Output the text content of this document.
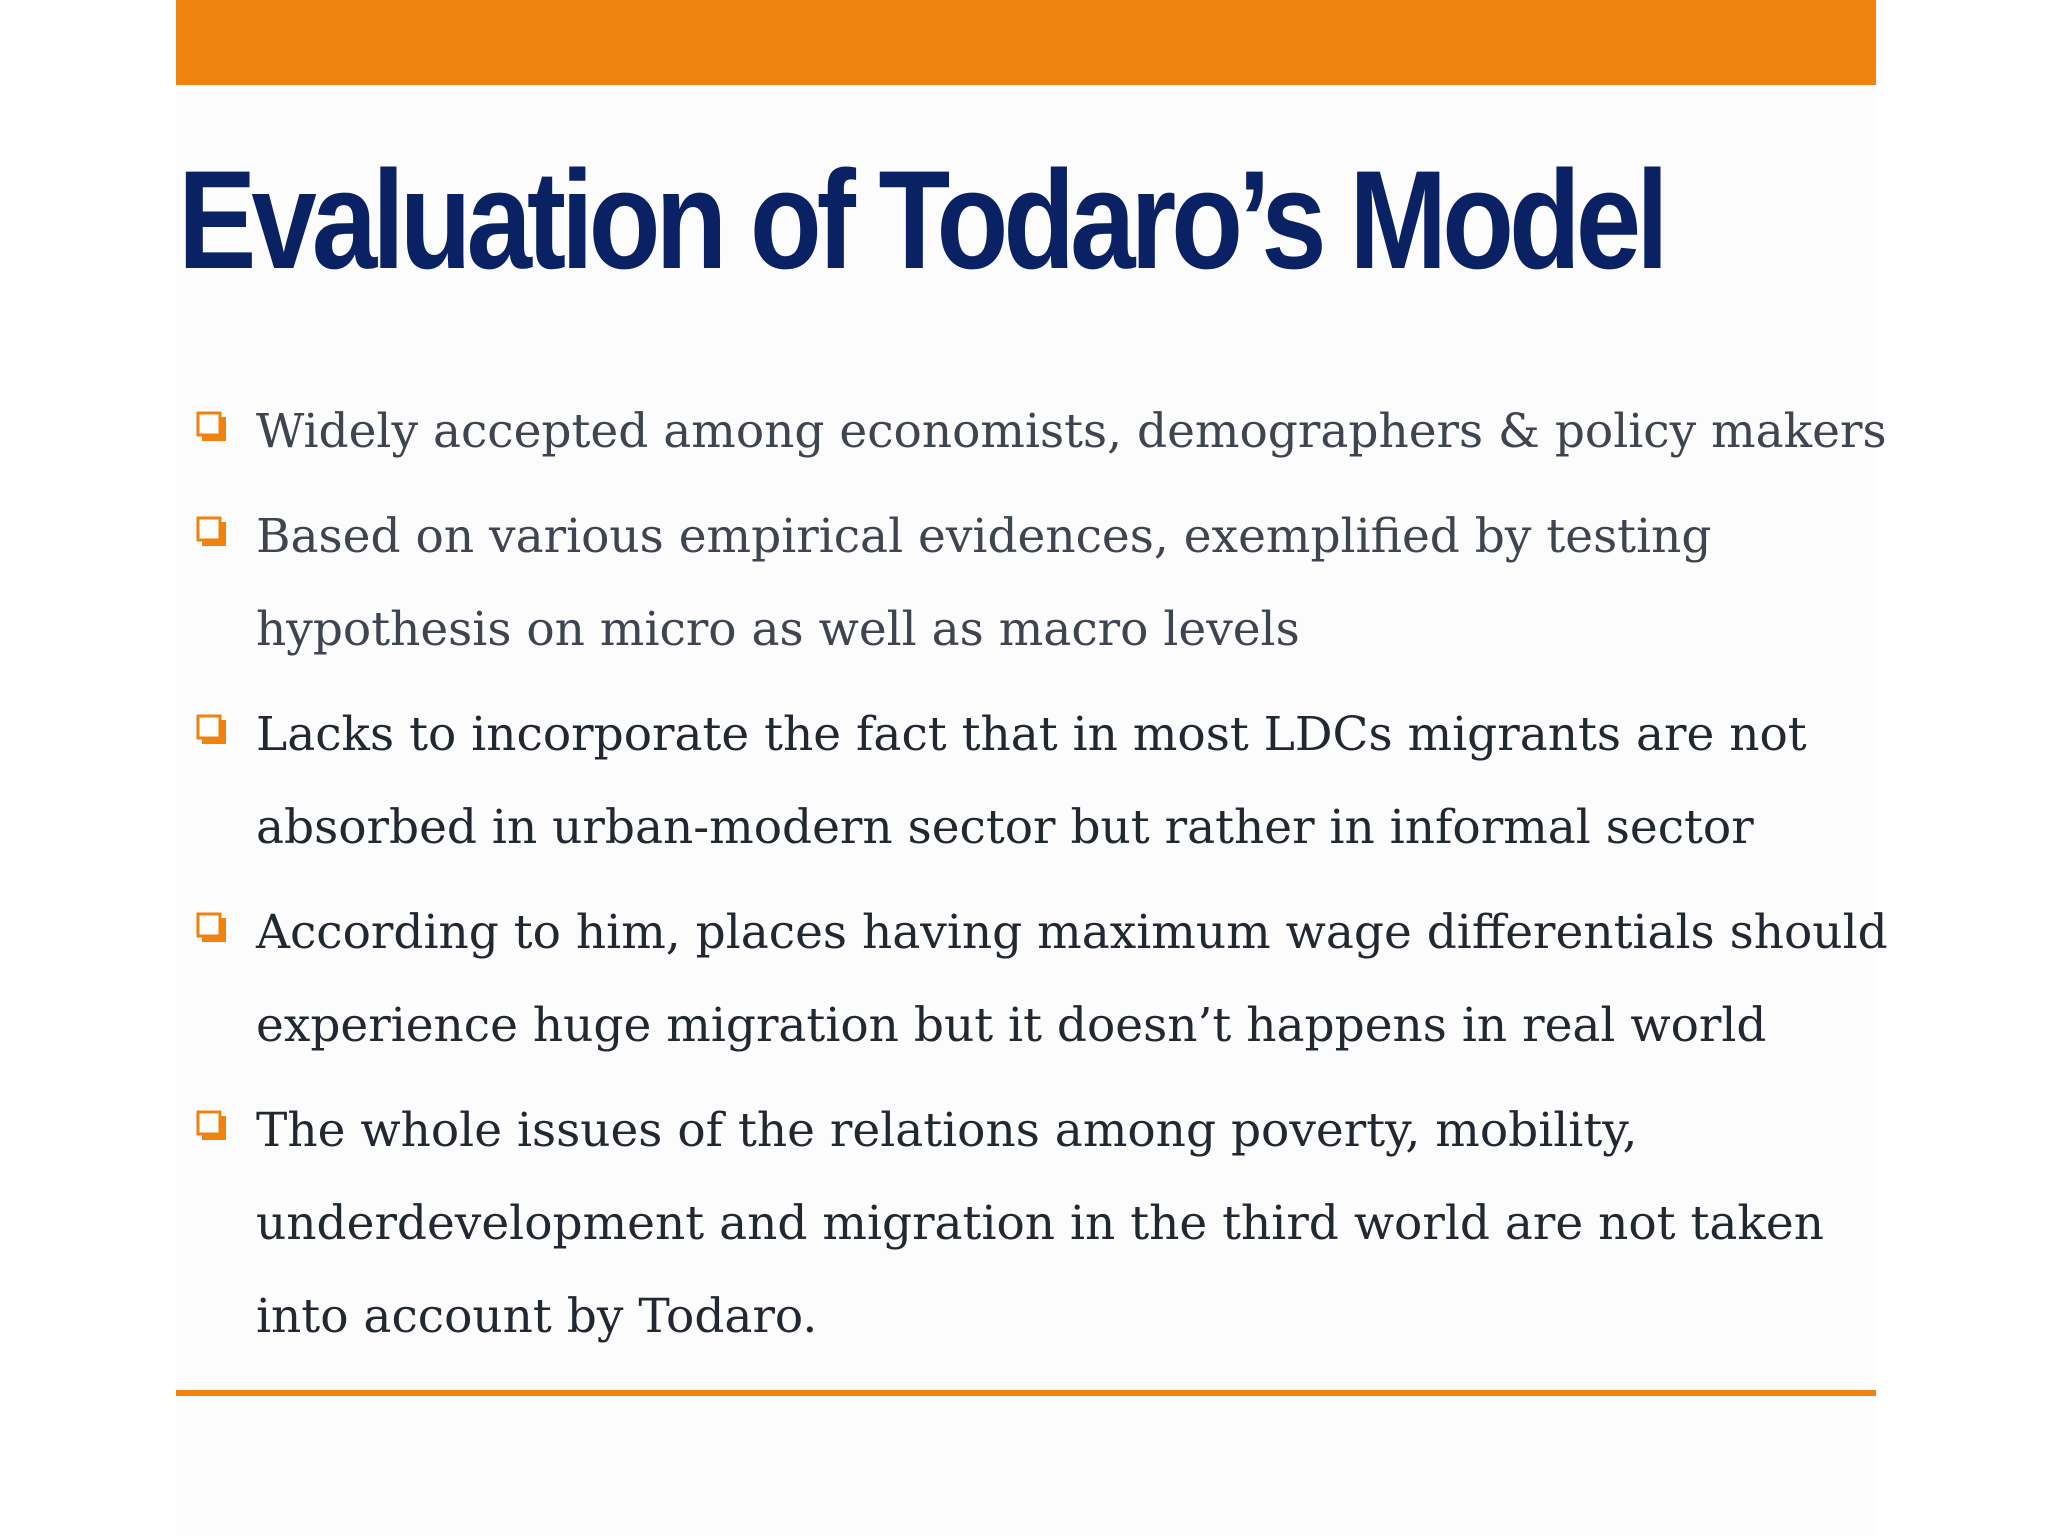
Evaluation of Todaro’s Model
Widely accepted among economists, demographers & policy makers
Based on various empirical evidences, exemplified by testing
hypothesis on micro as well as macro levels
Lacks to incorporate the fact that in most LDCs migrants are not
absorbed in urban-modern sector but rather in informal sector
According to him, places having maximum wage differentials should
experience huge migration but it doesn’t happens in real world
The whole issues of the relations among poverty, mobility,
underdevelopment and migration in the third world are not taken
into account by Todaro.
